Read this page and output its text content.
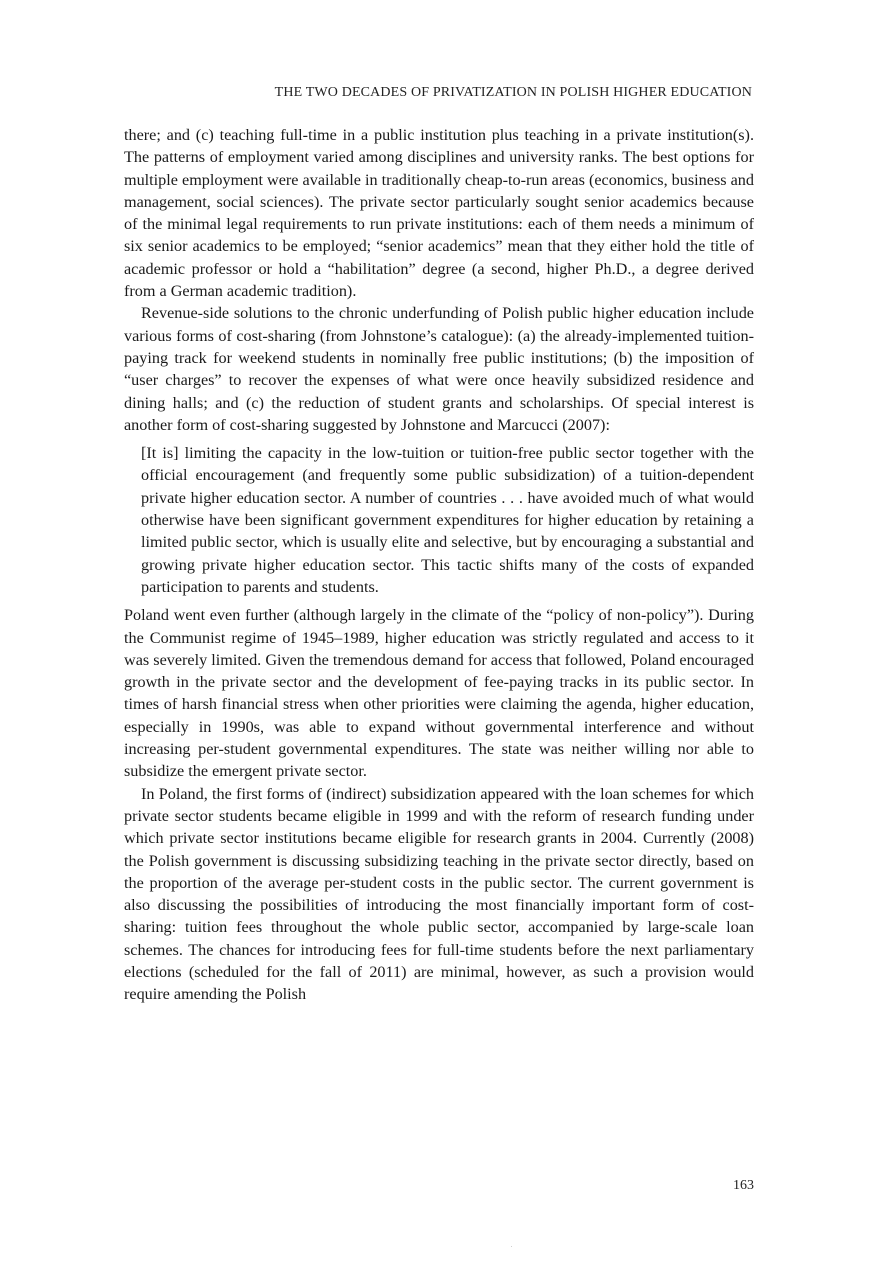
THE TWO DECADES OF PRIVATIZATION IN POLISH HIGHER EDUCATION

there; and (c) teaching full-time in a public institution plus teaching in a private institution(s). The patterns of employment varied among disciplines and university ranks. The best options for multiple employment were available in traditionally cheap-to-run areas (economics, business and management, social sciences). The private sector particularly sought senior academics because of the minimal legal requirements to run private institutions: each of them needs a minimum of six senior academics to be employed; “senior academics” mean that they either hold the title of academic professor or hold a “habilitation” degree (a second, higher Ph.D., a degree derived from a German academic tradition).

Revenue-side solutions to the chronic underfunding of Polish public higher education include various forms of cost-sharing (from Johnstone’s catalogue): (a) the already-implemented tuition-paying track for weekend students in nominally free public institutions; (b) the imposition of “user charges” to recover the expenses of what were once heavily subsidized residence and dining halls; and (c) the reduction of student grants and scholarships. Of special interest is another form of cost-sharing suggested by Johnstone and Marcucci (2007):

[It is] limiting the capacity in the low-tuition or tuition-free public sector together with the official encouragement (and frequently some public subsidization) of a tuition-dependent private higher education sector. A number of countries . . . have avoided much of what would otherwise have been significant government expenditures for higher education by retaining a limited public sector, which is usually elite and selective, but by encouraging a substantial and growing private higher education sector. This tactic shifts many of the costs of expanded participation to parents and students.

Poland went even further (although largely in the climate of the “policy of non-policy”). During the Communist regime of 1945–1989, higher education was strictly regulated and access to it was severely limited. Given the tremendous demand for access that followed, Poland encouraged growth in the private sector and the development of fee-paying tracks in its public sector. In times of harsh financial stress when other priorities were claiming the agenda, higher education, especially in 1990s, was able to expand without governmental interference and without increasing per-student governmental expenditures. The state was neither willing nor able to subsidize the emergent private sector.

In Poland, the first forms of (indirect) subsidization appeared with the loan schemes for which private sector students became eligible in 1999 and with the reform of research funding under which private sector institutions became eligible for research grants in 2004. Currently (2008) the Polish government is discussing subsidizing teaching in the private sector directly, based on the proportion of the average per-student costs in the public sector. The current government is also discussing the possibilities of introducing the most financially important form of cost-sharing: tuition fees throughout the whole public sector, accompanied by large-scale loan schemes. The chances for introducing fees for full-time students before the next parliamentary elections (scheduled for the fall of 2011) are minimal, however, as such a provision would require amending the Polish

163
